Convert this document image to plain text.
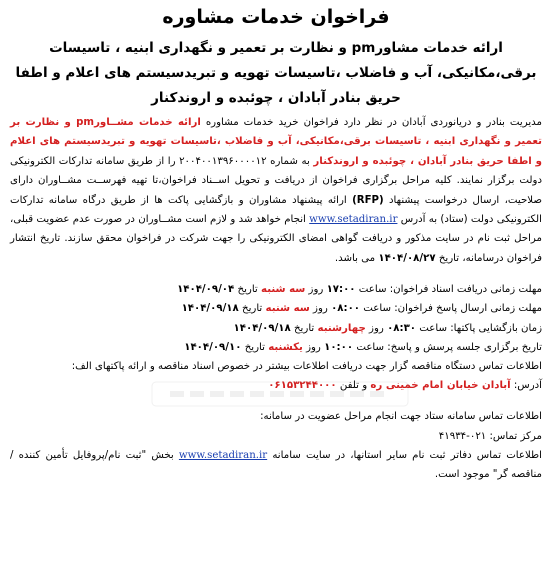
فراخوان خدمات مشاوره

ارائه خدمات مشاورpm و نظارت بر تعمیر و نگهداری ابنیه ، تاسیسات برقی،مکانیکی، آب و فاضلاب ،تاسیسات تهویه و تبریدسیستم های اعلام و اطفا حریق بنادر آبادان ، چوئبده و اروندکنار

مدیریت بنادر و دریانوردی آبادان در نظر دارد فراخوان خرید خدمات مشاوره ارائه خدمات مشــاورpm و نظارت بر تعمیر و نگهداری ابنیه ، تاسیسات برقی،مکانیکی، آب و فاضلاب ،تاسیسات تهویه و تبریدسیستم های اعلام و اطفا حریق بنادر آبادان ، چوئبده و اروندکنار به شماره ۲۰۰۴۰۰۱۳۹۶۰۰۰۰۱۲ را از طریق سامانه تدارکات الکترونیکی دولت برگزار نمایند. کلیه مراحل برگزاری فراخوان از دریافت و تحویل اســناد فراخوان،تا تهیه فهرســت مشــاوران دارای صلاحیت، ارسال درخواست پیشنهاد (RFP) ارائه پیشنهاد مشاوران و بازگشایی پاکت ها از طریق درگاه سامانه تدارکات الکترونیکی دولت (ستاد) به آدرس www.setadiran.ir انجام خواهد شد و لازم است مشــاوران در صورت عدم عضویت قبلی، مراحل ثبت نام در سایت مذکور و دریافت گواهی امضای الکترونیکی را جهت شرکت در فراخوان محقق سازند. تاریخ انتشار فراخوان درسامانه، تاریخ ۱۴۰۴/۰۸/۲۷ می باشد.

مهلت زمانی دریافت اسناد فراخوان: ساعت ۱۷:۰۰ روز سه شنبه تاریخ ۱۴۰۴/۰۹/۰۴

مهلت زمانی ارسال پاسخ فراخوان: ساعت ۰۸:۰۰ روز سه شنبه تاریخ ۱۴۰۴/۰۹/۱۸

زمان بازگشایی پاکتها: ساعت ۰۸:۳۰ روز چهارشنبه تاریخ ۱۴۰۴/۰۹/۱۸

تاریخ برگزاری جلسه پرسش و پاسخ: ساعت ۱۰:۰۰ روز یکشنبه تاریخ ۱۴۰۴/۰۹/۱۰

اطلاعات تماس دستگاه مناقصه گزار جهت دریافت اطلاعات بیشتر در خصوص اسناد مناقصه و ارائه پاکتهای الف:

آدرس: آبادان خیابان امام خمینی ره و تلفن ۰۶۱۵۳۲۴۴۰۰۰

اطلاعات تماس سامانه ستاد جهت انجام مراحل عضویت در سامانه:

مرکز تماس: ۰۲۱-۴۱۹۳۴

اطلاعات تماس دفاتر ثبت نام سایر استانها، در سایت سامانه www.setadiran.ir بخش "ثبت نام/پروفایل تأمین کننده / مناقصه گر" موجود است.
